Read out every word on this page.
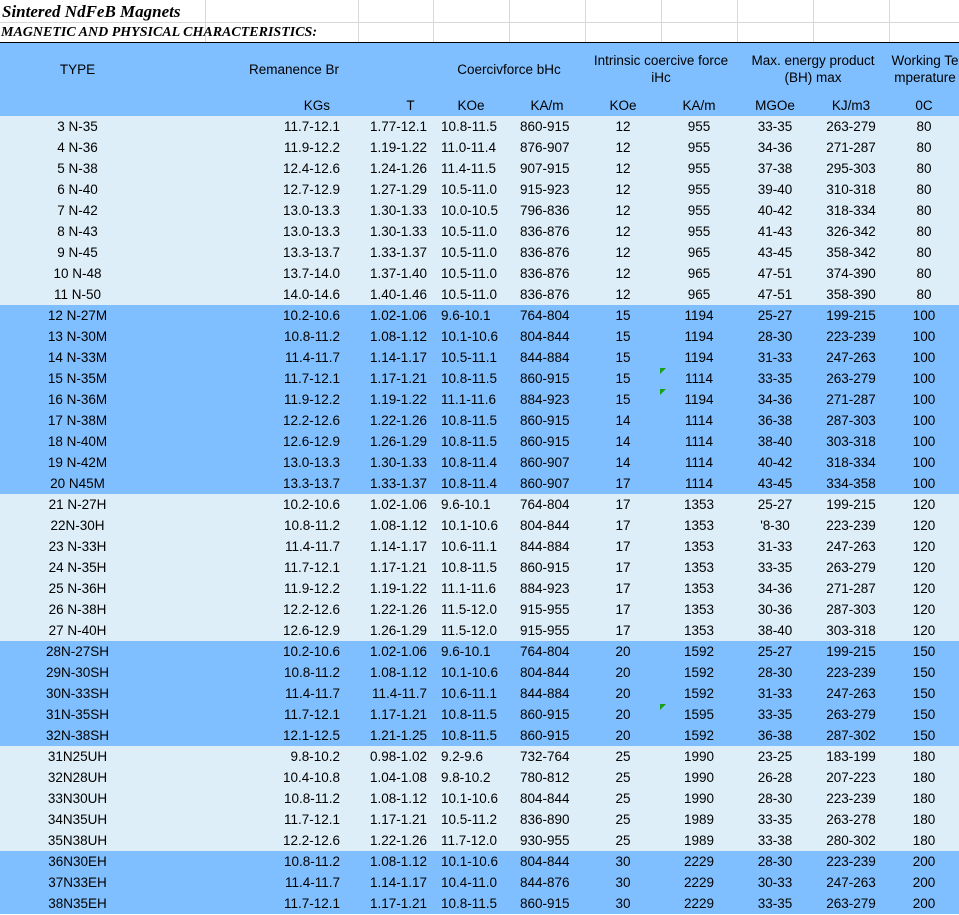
Sintered NdFeB Magnets
MAGNETIC AND PHYSICAL CHARACTERISTICS:
TYPE	Remanence Br		Coercivforce bHc		Intrinsic coercive force iHc		Max. energy product (BH) max		Working Temperature
	KGs	T	KOe	KA/m	KOe	KA/m	MGOe	KJ/m3	0C
3 N-35	11.7-12.1	1.77-12.1	10.8-11.5	860-915	12	955	33-35	263-279	80
4 N-36	11.9-12.2	1.19-1.22	11.0-11.4	876-907	12	955	34-36	271-287	80
5 N-38	12.4-12.6	1.24-1.26	11.4-11.5	907-915	12	955	37-38	295-303	80
6 N-40	12.7-12.9	1.27-1.29	10.5-11.0	915-923	12	955	39-40	310-318	80
7 N-42	13.0-13.3	1.30-1.33	10.0-10.5	796-836	12	955	40-42	318-334	80
8 N-43	13.0-13.3	1.30-1.33	10.5-11.0	836-876	12	955	41-43	326-342	80
9 N-45	13.3-13.7	1.33-1.37	10.5-11.0	836-876	12	965	43-45	358-342	80
10 N-48	13.7-14.0	1.37-1.40	10.5-11.0	836-876	12	965	47-51	374-390	80
11 N-50	14.0-14.6	1.40-1.46	10.5-11.0	836-876	12	965	47-51	358-390	80
12 N-27M	10.2-10.6	1.02-1.06	9.6-10.1	764-804	15	1194	25-27	199-215	100
13 N-30M	10.8-11.2	1.08-1.12	10.1-10.6	804-844	15	1194	28-30	223-239	100
14 N-33M	11.4-11.7	1.14-1.17	10.5-11.1	844-884	15	1194	31-33	247-263	100
15 N-35M	11.7-12.1	1.17-1.21	10.8-11.5	860-915	15	1114	33-35	263-279	100
16 N-36M	11.9-12.2	1.19-1.22	11.1-11.6	884-923	15	1194	34-36	271-287	100
17 N-38M	12.2-12.6	1.22-1.26	10.8-11.5	860-915	14	1114	36-38	287-303	100
18 N-40M	12.6-12.9	1.26-1.29	10.8-11.5	860-915	14	1114	38-40	303-318	100
19 N-42M	13.0-13.3	1.30-1.33	10.8-11.4	860-907	14	1114	40-42	318-334	100
20 N45M	13.3-13.7	1.33-1.37	10.8-11.4	860-907	17	1114	43-45	334-358	100
21 N-27H	10.2-10.6	1.02-1.06	9.6-10.1	764-804	17	1353	25-27	199-215	120
22N-30H	10.8-11.2	1.08-1.12	10.1-10.6	804-844	17	1353	'8-30	223-239	120
23 N-33H	11.4-11.7	1.14-1.17	10.6-11.1	844-884	17	1353	31-33	247-263	120
24 N-35H	11.7-12.1	1.17-1.21	10.8-11.5	860-915	17	1353	33-35	263-279	120
25 N-36H	11.9-12.2	1.19-1.22	11.1-11.6	884-923	17	1353	34-36	271-287	120
26 N-38H	12.2-12.6	1.22-1.26	11.5-12.0	915-955	17	1353	30-36	287-303	120
27 N-40H	12.6-12.9	1.26-1.29	11.5-12.0	915-955	17	1353	38-40	303-318	120
28N-27SH	10.2-10.6	1.02-1.06	9.6-10.1	764-804	20	1592	25-27	199-215	150
29N-30SH	10.8-11.2	1.08-1.12	10.1-10.6	804-844	20	1592	28-30	223-239	150
30N-33SH	11.4-11.7	11.4-11.7	10.6-11.1	844-884	20	1592	31-33	247-263	150
31N-35SH	11.7-12.1	1.17-1.21	10.8-11.5	860-915	20	1595	33-35	263-279	150
32N-38SH	12.1-12.5	1.21-1.25	10.8-11.5	860-915	20	1592	36-38	287-302	150
31N25UH	9.8-10.2	0.98-1.02	9.2-9.6	732-764	25	1990	23-25	183-199	180
32N28UH	10.4-10.8	1.04-1.08	9.8-10.2	780-812	25	1990	26-28	207-223	180
33N30UH	10.8-11.2	1.08-1.12	10.1-10.6	804-844	25	1990	28-30	223-239	180
34N35UH	11.7-12.1	1.17-1.21	10.5-11.2	836-890	25	1989	33-35	263-278	180
35N38UH	12.2-12.6	1.22-1.26	11.7-12.0	930-955	25	1989	33-38	280-302	180
36N30EH	10.8-11.2	1.08-1.12	10.1-10.6	804-844	30	2229	28-30	223-239	200
37N33EH	11.4-11.7	1.14-1.17	10.4-11.0	844-876	30	2229	30-33	247-263	200
38N35EH	11.7-12.1	1.17-1.21	10.8-11.5	860-915	30	2229	33-35	263-279	200
